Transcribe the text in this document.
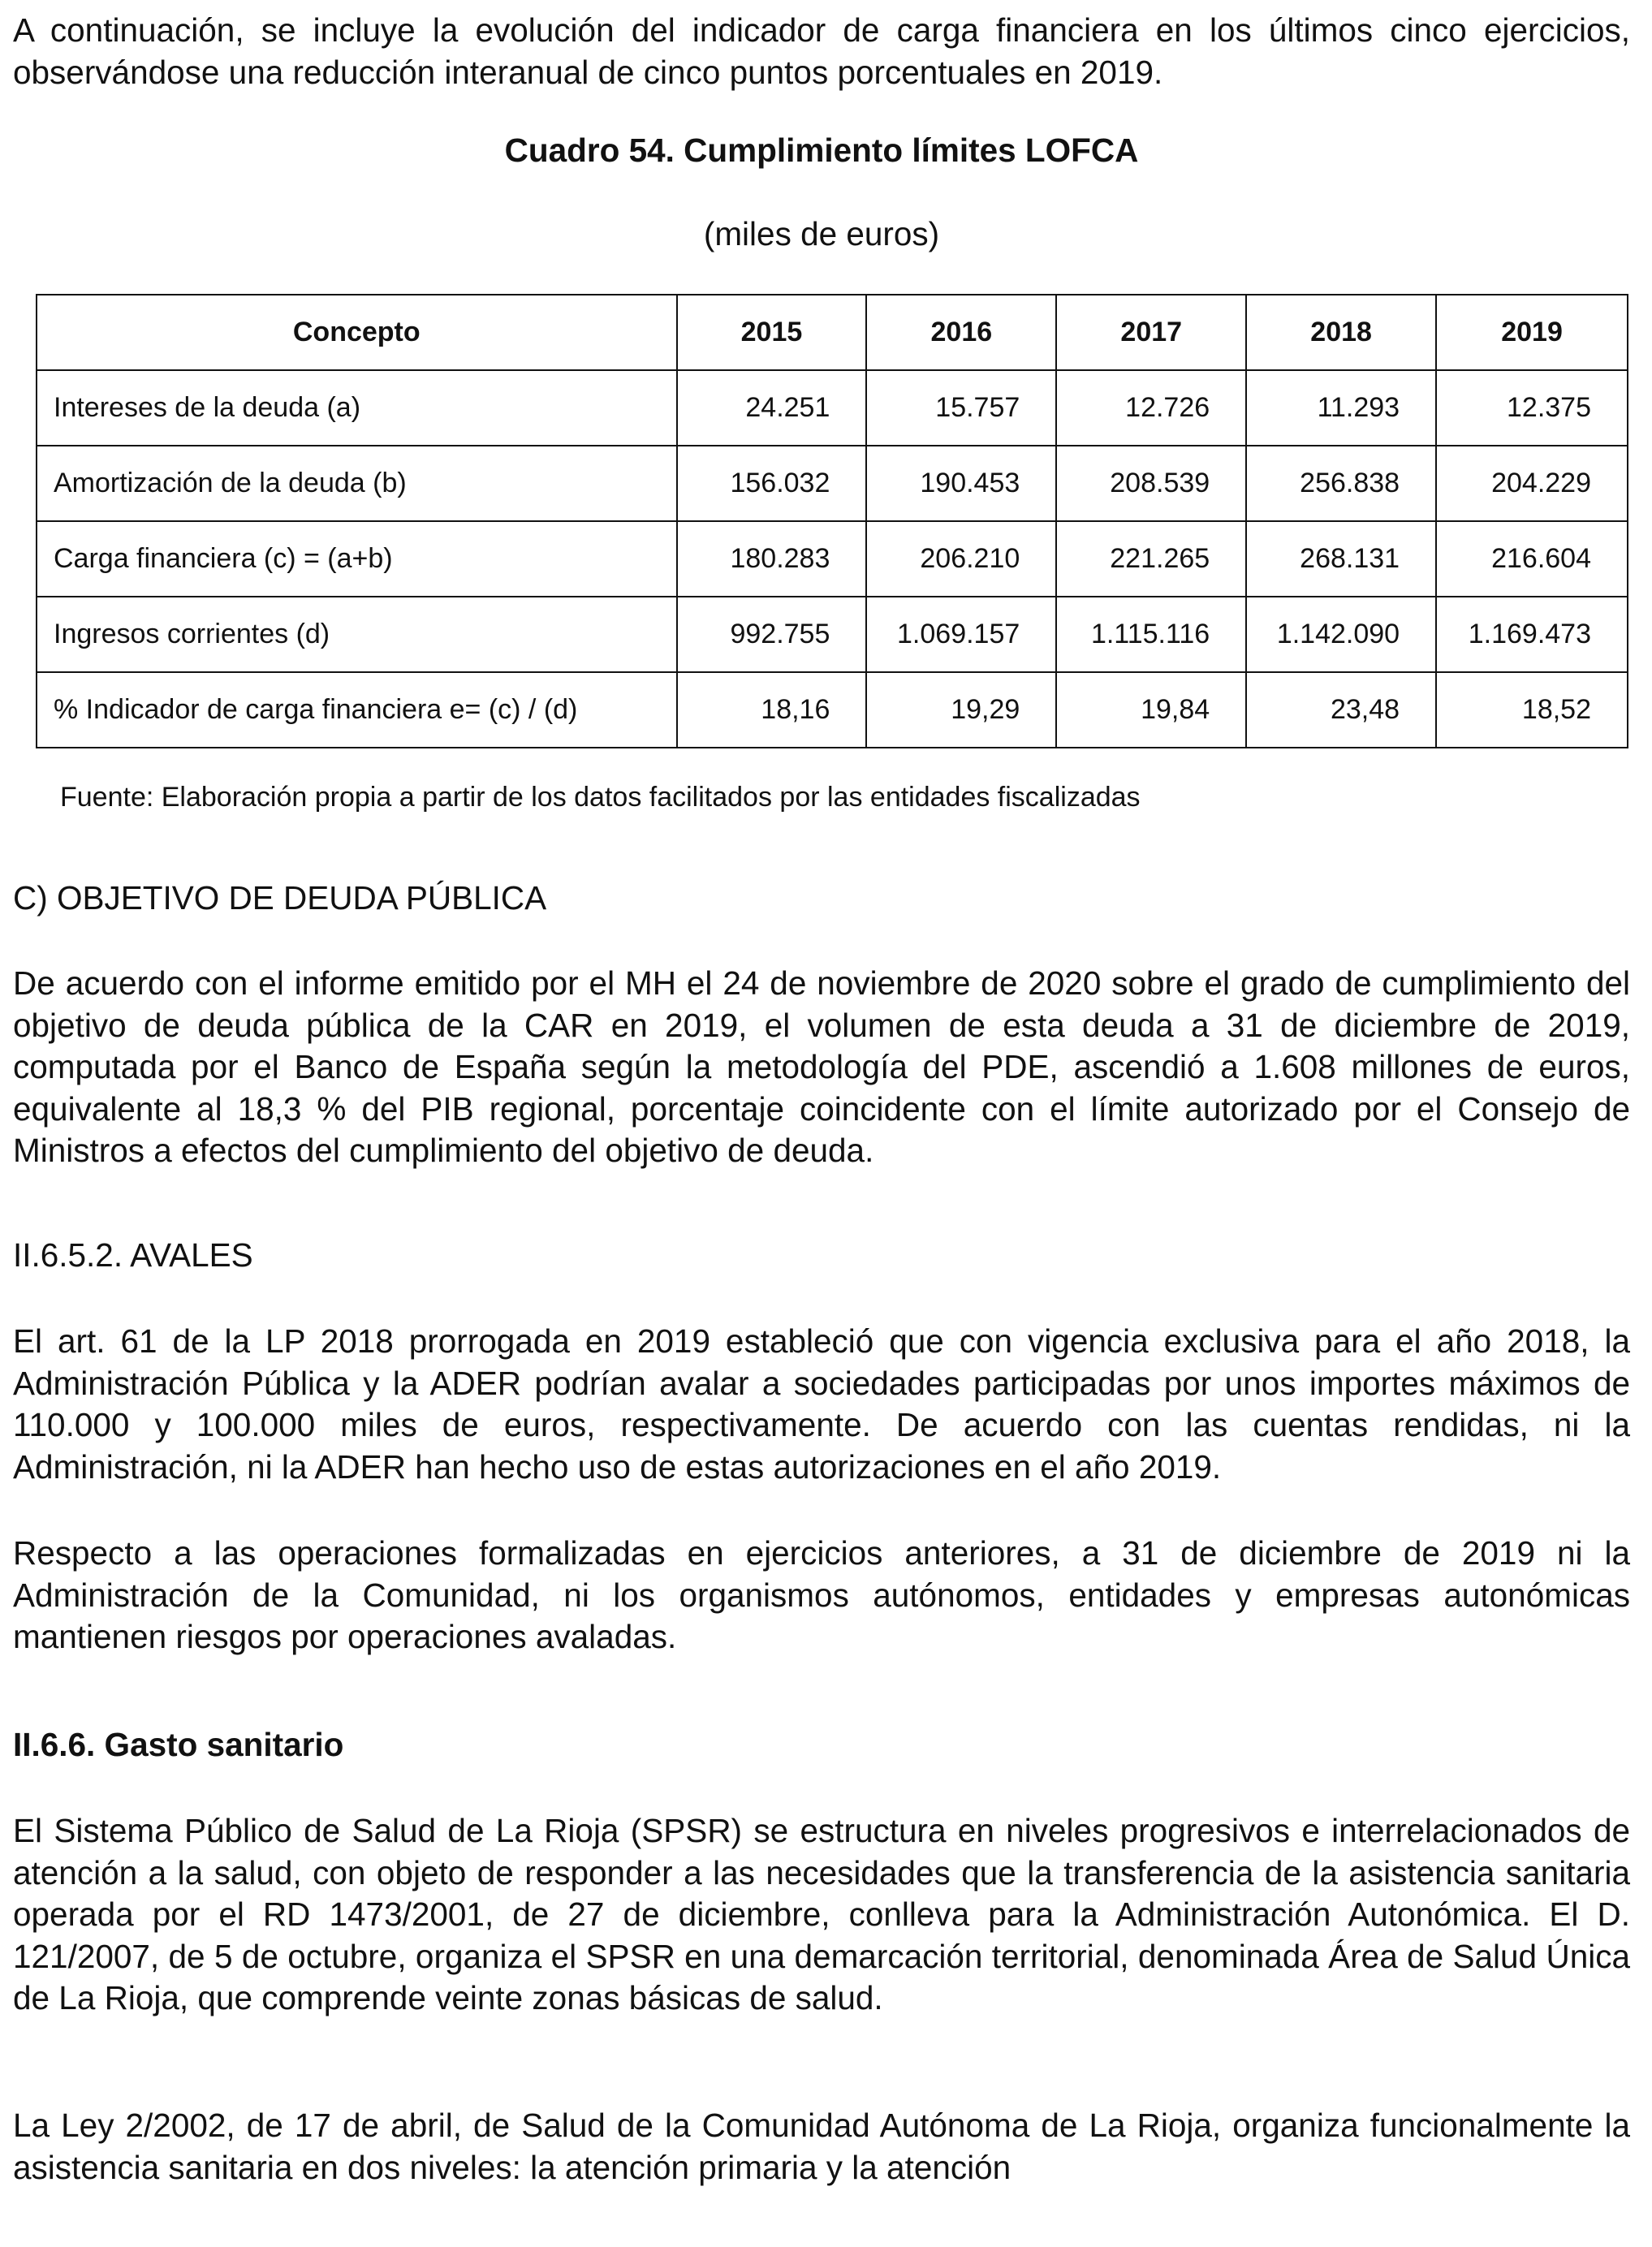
A continuación, se incluye la evolución del indicador de carga financiera en los últimos cinco ejercicios, observándose una reducción interanual de cinco puntos porcentuales en 2019.

Cuadro 54. Cumplimiento límites LOFCA
(miles de euros)
Concepto	2015	2016	2017	2018	2019
Intereses de la deuda (a)	24.251	15.757	12.726	11.293	12.375
Amortización de la deuda (b)	156.032	190.453	208.539	256.838	204.229
Carga financiera (c) = (a+b)	180.283	206.210	221.265	268.131	216.604
Ingresos corrientes (d)	992.755	1.069.157	1.115.116	1.142.090	1.169.473
% Indicador de carga financiera e= (c) / (d)	18,16	19,29	19,84	23,48	18,52
Fuente: Elaboración propia a partir de los datos facilitados por las entidades fiscalizadas
C) OBJETIVO DE DEUDA PÚBLICA

De acuerdo con el informe emitido por el MH el 24 de noviembre de 2020 sobre el grado de cumplimiento del objetivo de deuda pública de la CAR en 2019, el volumen de esta deuda a 31 de diciembre de 2019, computada por el Banco de España según la metodología del PDE, ascendió a 1.608 millones de euros, equivalente al 18,3 % del PIB regional, porcentaje coincidente con el límite autorizado por el Consejo de Ministros a efectos del cumplimiento del objetivo de deuda.

II.6.5.2. AVALES

El art. 61 de la LP 2018 prorrogada en 2019 estableció que con vigencia exclusiva para el año 2018, la Administración Pública y la ADER podrían avalar a sociedades participadas por unos importes máximos de 110.000 y 100.000 miles de euros, respectivamente. De acuerdo con las cuentas rendidas, ni la Administración, ni la ADER han hecho uso de estas autorizaciones en el año 2019.

Respecto a las operaciones formalizadas en ejercicios anteriores, a 31 de diciembre de 2019 ni la Administración de la Comunidad, ni los organismos autónomos, entidades y empresas autonómicas mantienen riesgos por operaciones avaladas.

II.6.6. Gasto sanitario

El Sistema Público de Salud de La Rioja (SPSR) se estructura en niveles progresivos e interrelacionados de atención a la salud, con objeto de responder a las necesidades que la transferencia de la asistencia sanitaria operada por el RD 1473/2001, de 27 de diciembre, conlleva para la Administración Autonómica. El D. 121/2007, de 5 de octubre, organiza el SPSR en una demarcación territorial, denominada Área de Salud Única de La Rioja, que comprende veinte zonas básicas de salud.

La Ley 2/2002, de 17 de abril, de Salud de la Comunidad Autónoma de La Rioja, organiza funcionalmente la asistencia sanitaria en dos niveles: la atención primaria y la atención
